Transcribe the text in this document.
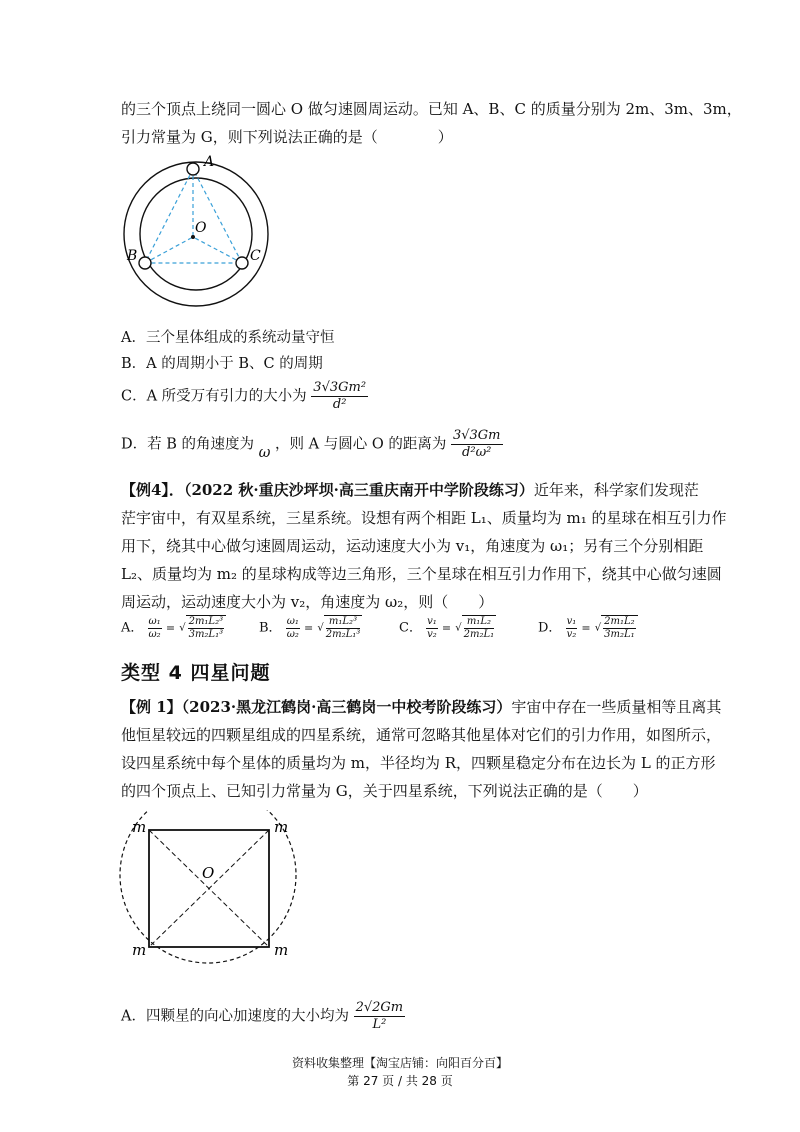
的三个顶点上绕同一圆心 O 做匀速圆周运动。已知 A、B、C 的质量分别为 2m、3m、3m，
引力常量为 G，则下列说法正确的是（　　　　）
A
B	C
O
A．三个星体组成的系统动量守恒
B．A 的周期小于 B、C 的周期
C．A 所受万有引力的大小为 $\frac{\text{3√3Gm²}}{\text{d²}}$
D．若 B 的角速度为 ω ，则 A 与圆心 O 的距离为 $\frac{3√3Gm}{\text{d²ω²}}$
【例4】．（2022 秋·重庆沙坪坝·高三重庆南开中学阶段练习）近年来，科学家们发现茫
茫宇宙中，有双星系统，三星系统。设想有两个相距 L₁、质量均为 m₁ 的星球在相互引力作
用下，绕其中心做匀速圆周运动，运动速度大小为 v₁，角速度为 ω₁；另有三个分别相距
L₂、质量均为 m₂ 的星球构成等边三角形，三个星球在相互引力作用下，绕其中心做匀速圆
周运动，运动速度大小为 v₂，角速度为 ω₂，则（　　）
A． $\frac{\text{ω₁}}{\text{ω₂}}$ = √ $\frac{\text{2m₁L₂³}}{\text{3m₂L₁³}}$	B． $\frac{\text{ω₁}}{\text{ω₂}}$ = √ $\frac{\text{m₁L₂³}}{\text{2m₂L₁³}}$	C． $\frac{\text{v₁}}{\text{v₂}}$ = √ $\frac{\text{m₁L₂}}{\text{2m₂L₁}}$	D． $\frac{\text{v₁}}{\text{v₂}}$ = √ $\frac{\text{2m₁L₂}}{\text{3m₂L₁}}$
类型 4 四星问题
【例 1】（2023·黑龙江鹤岗·高三鹤岗一中校考阶段练习）宇宙中存在一些质量相等且离其
他恒星较远的四颗星组成的四星系统，通常可忽略其他星体对它们的引力作用，如图所示，
设四星系统中每个星体的质量均为 m，半径均为 R，四颗星稳定分布在边长为 L 的正方形
的四个顶点上、已知引力常量为 G，关于四星系统，下列说法正确的是（　　）
m	m
m	m
O
A．四颗星的向心加速度的大小均为 $\frac{2√2Gm}{\text{L²}}$
资料收集整理【淘宝店铺：向阳百分百】
第 27 页 / 共 28 页
